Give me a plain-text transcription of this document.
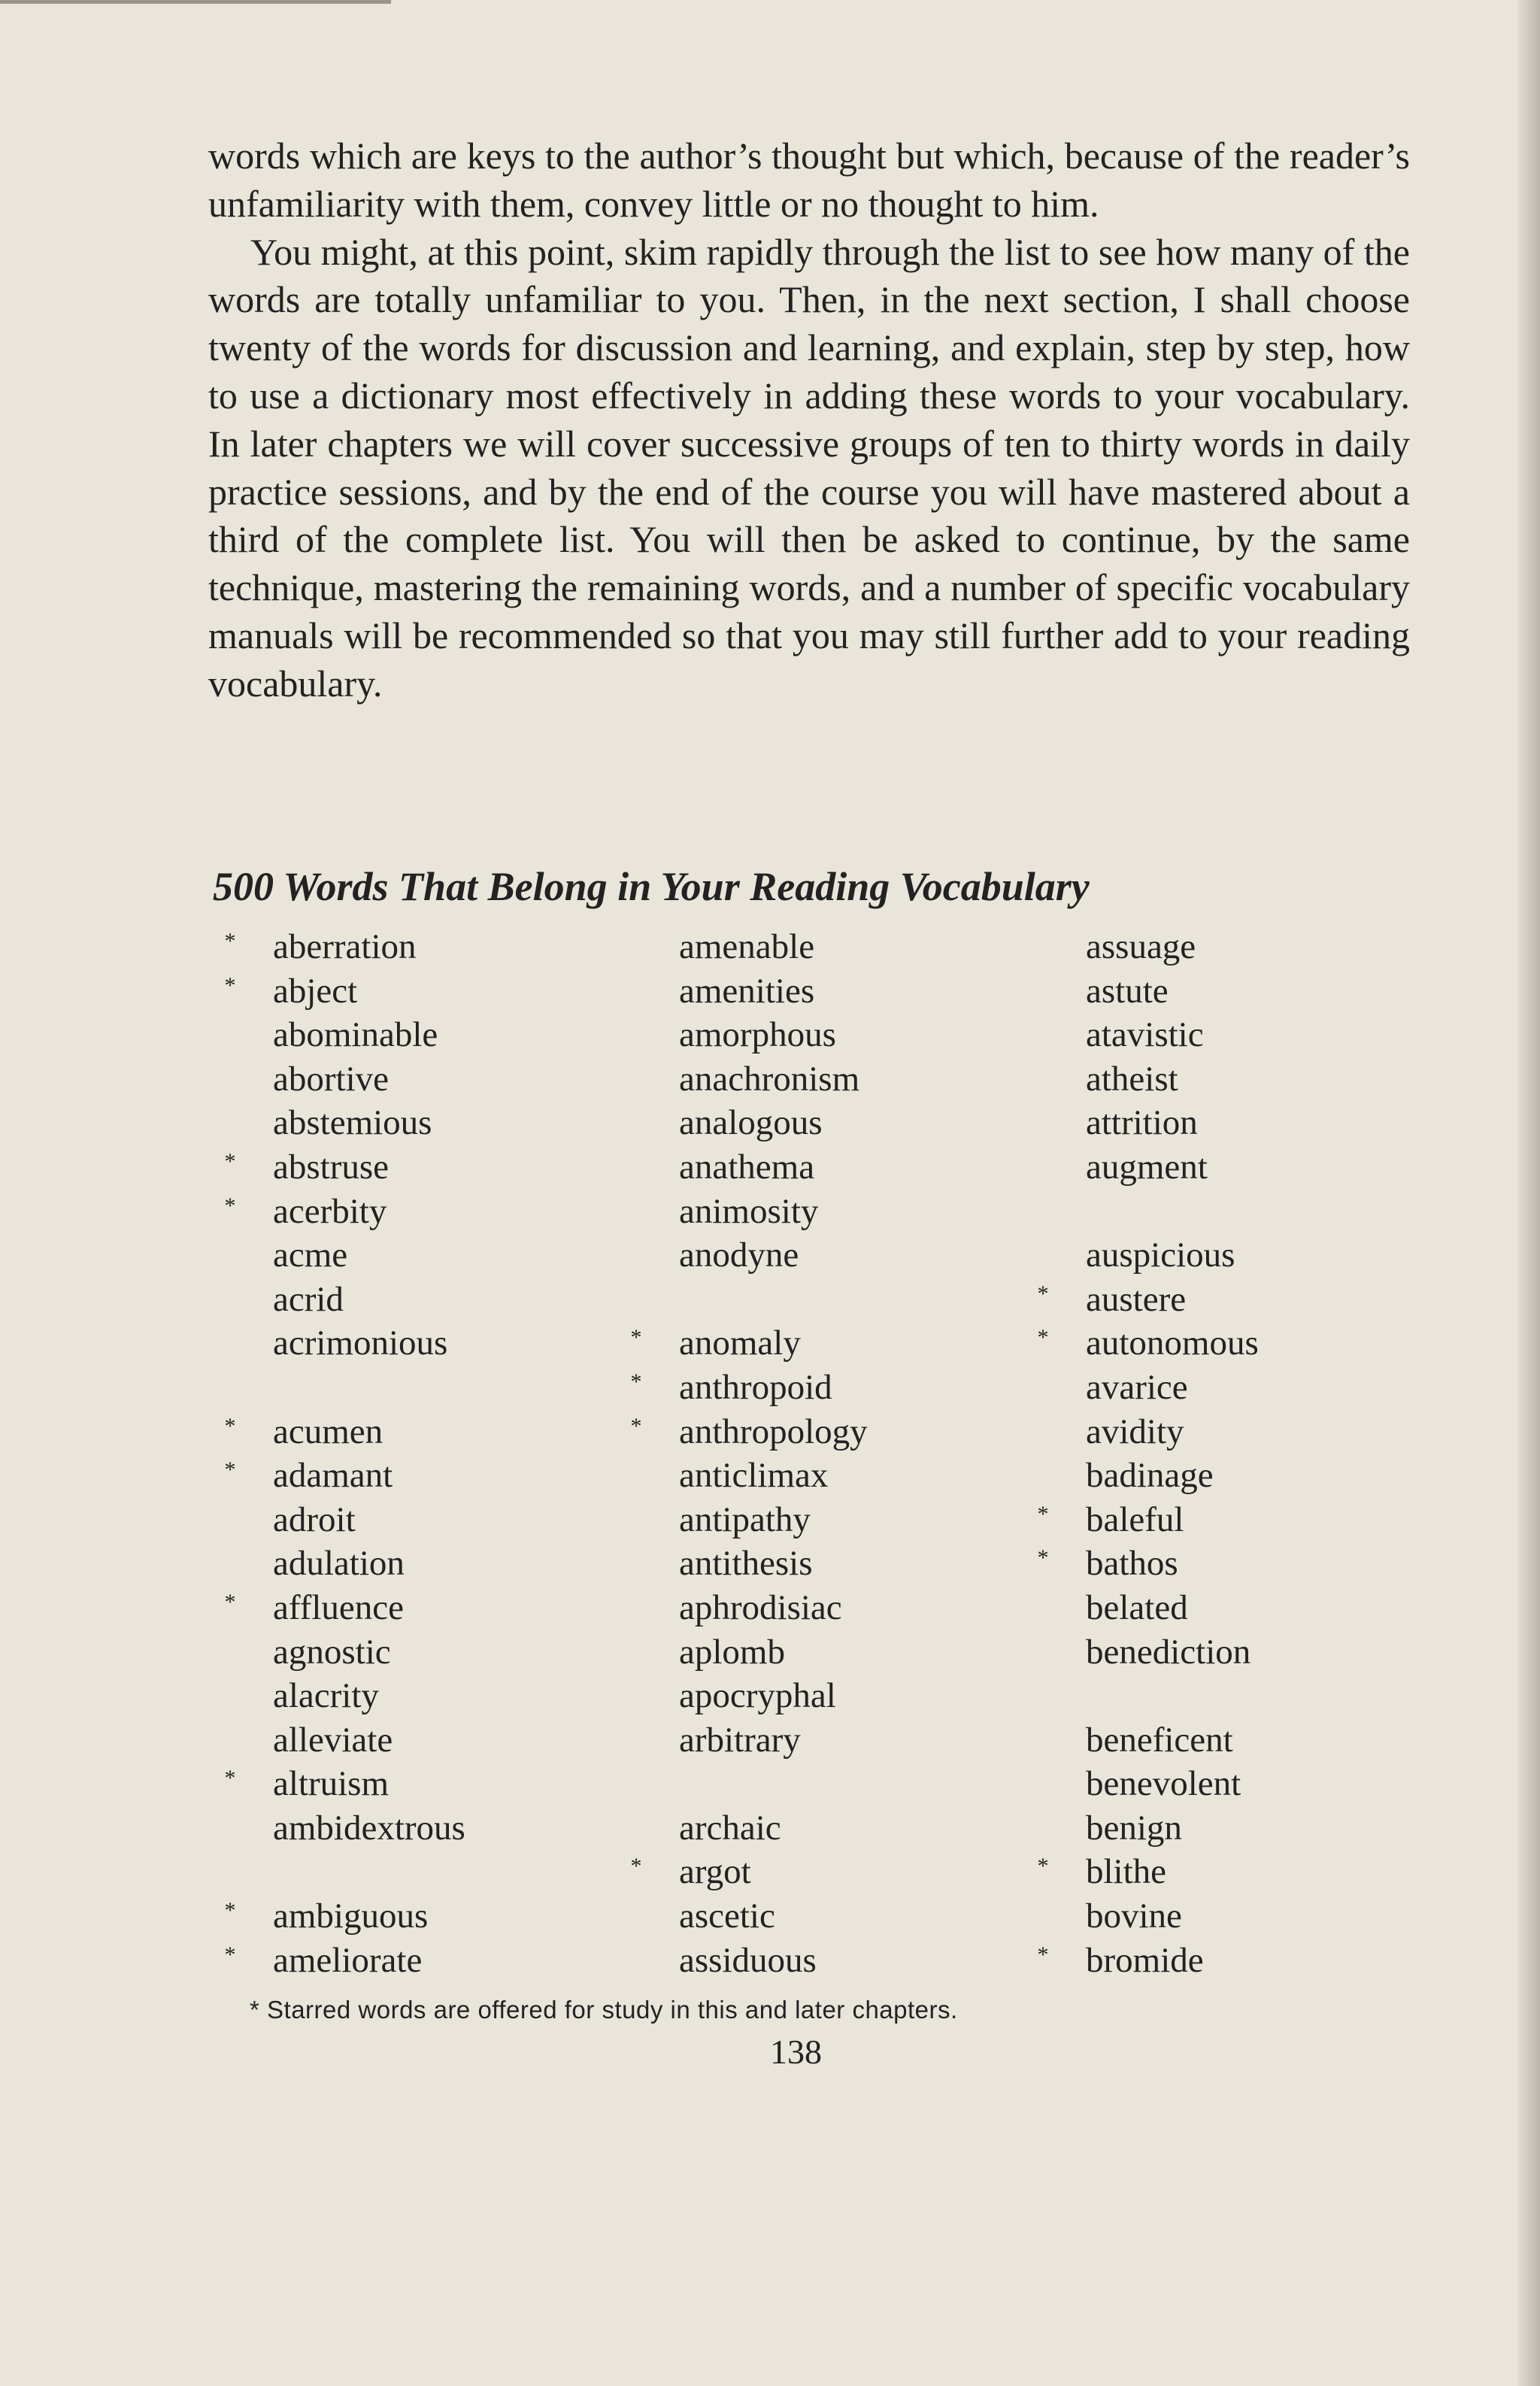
words which are keys to the author’s thought but which, because of the reader’s unfamiliarity with them, convey little or no thought to him.

You might, at this point, skim rapidly through the list to see how many of the words are totally unfamiliar to you. Then, in the next section, I shall choose twenty of the words for discussion and learning, and explain, step by step, how to use a dictionary most effectively in adding these words to your vocabulary. In later chapters we will cover successive groups of ten to thirty words in daily practice sessions, and by the end of the course you will have mastered about a third of the complete list. You will then be asked to continue, by the same technique, mastering the remaining words, and a number of specific vocabulary manuals will be recommended so that you may still further add to your reading vocabulary.

500 Words That Belong in Your Reading Vocabulary
* aberration
* abject
abominable
abortive
abstemious
* abstruse
* acerbity
acme
acrid
acrimonious
* acumen
* adamant
adroit
adulation
* affluence
agnostic
alacrity
alleviate
* altruism
ambidextrous
* ambiguous
* ameliorate
amenable
amenities
amorphous
anachronism
analogous
anathema
animosity
anodyne
* anomaly
* anthropoid
* anthropology
anticlimax
antipathy
antithesis
aphrodisiac
aplomb
apocryphal
arbitrary
archaic
* argot
ascetic
assiduous
assuage
astute
atavistic
atheist
attrition
augment
auspicious
* austere
* autonomous
avarice
avidity
badinage
* baleful
* bathos
belated
benediction
beneficent
benevolent
benign
* blithe
bovine
* bromide
* Starred words are offered for study in this and later chapters.
138
